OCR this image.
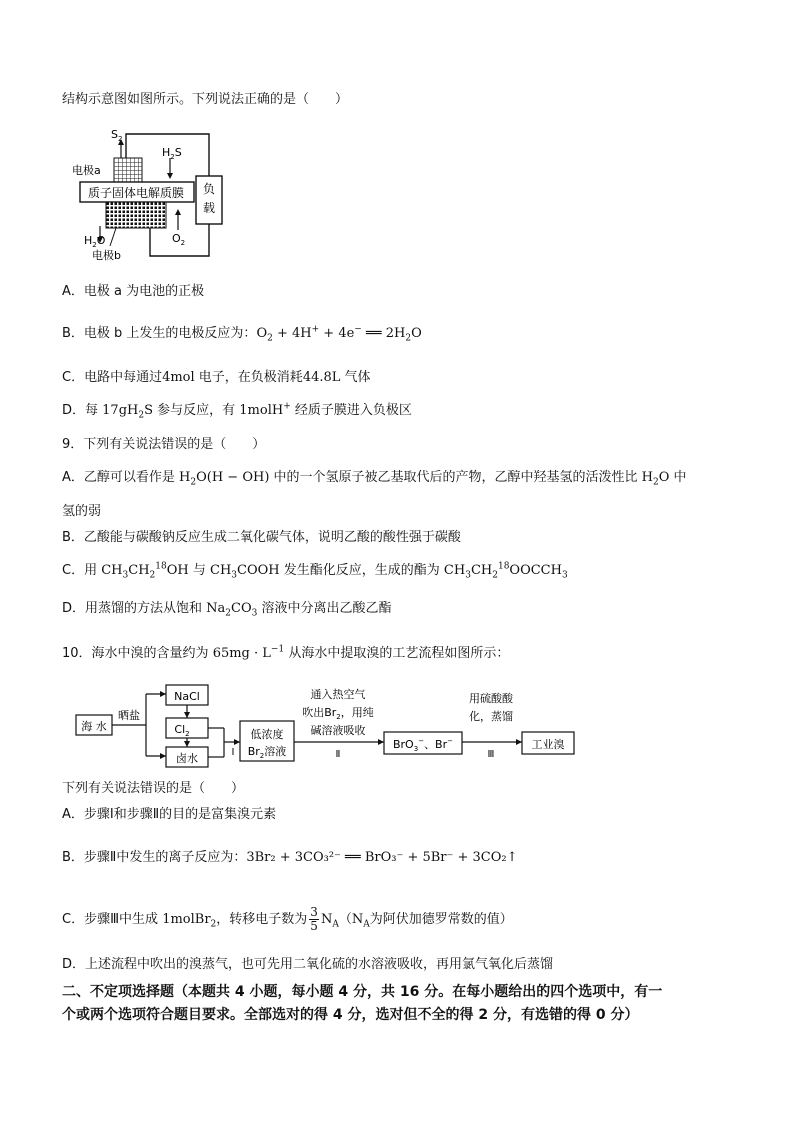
结构示意图如图所示。下列说法正确的是（　　）
负
载
质子固体电解质膜
$S_2$
$H_2S$
电极a
$O_2$
$H_2O$
电极b
A．电极 a 为电池的正极
B．电极 b 上发生的电极反应为：$O_2 + 4H^+ + 4e^-$ ══ $2H_2O$
C．电路中每通过4mol 电子，在负极消耗44.8L 气体
D．每 $17gH_2S$ 参与反应，有 1molH+ 经质子膜进入负极区
9．下列有关说法错误的是（　　）
A．乙醇可以看作是 $H_2O(H - OH)$ 中的一个氢原子被乙基取代后的产物，乙醇中羟基氢的活泼性比 $H_2O$ 中
氢的弱
B．乙酸能与碳酸钠反应生成二氧化碳气体，说明乙酸的酸性强于碳酸
C．用 $CH_3CH_2^{18}OH$ 与 $CH_3COOH$ 发生酯化反应，生成的酯为 $CH_3CH_2^{18}OOCCH_3$
D．用蒸馏的方法从饱和 $Na_2CO_3$ 溶液中分离出乙酸乙酯
10．海水中溴的含量约为 $65mg \cdot L^{-1}$ 从海水中提取溴的工艺流程如图所示：
海 水
晒盐
NaCl
$Cl_2$
卤水	Ⅰ
低浓度
$Br_2$溶液
通入热空气
吹出$Br_2$，用纯
碱溶液吸收
Ⅱ
BrO$_3$−、Br−
用硫酸酸
化，蒸馏
Ⅲ
工业溴
下列有关说法错误的是（　　）
A．步骤Ⅰ和步骤Ⅱ的目的是富集溴元素
B．步骤Ⅱ中发生的离子反应为：3Br₂ + 3CO₃²⁻ ══ BrO₃⁻ + 5Br⁻ + 3CO₂↑
C．步骤Ⅲ中生成 1molBr$_2$，转移电子数为 $\frac{3}{5} N_A(N_A$为阿伏加德罗常数的值）
D．上述流程中吹出的溴蒸气，也可先用二氧化硫的水溶液吸收，再用氯气氧化后蒸馏
二、不定项选择题（本题共 4 小题，每小题 4 分，共 16 分。在每小题给出的四个选项中，有一
个或两个选项符合题目要求。全部选对的得 4 分，选对但不全的得 2 分，有选错的得 0 分）
